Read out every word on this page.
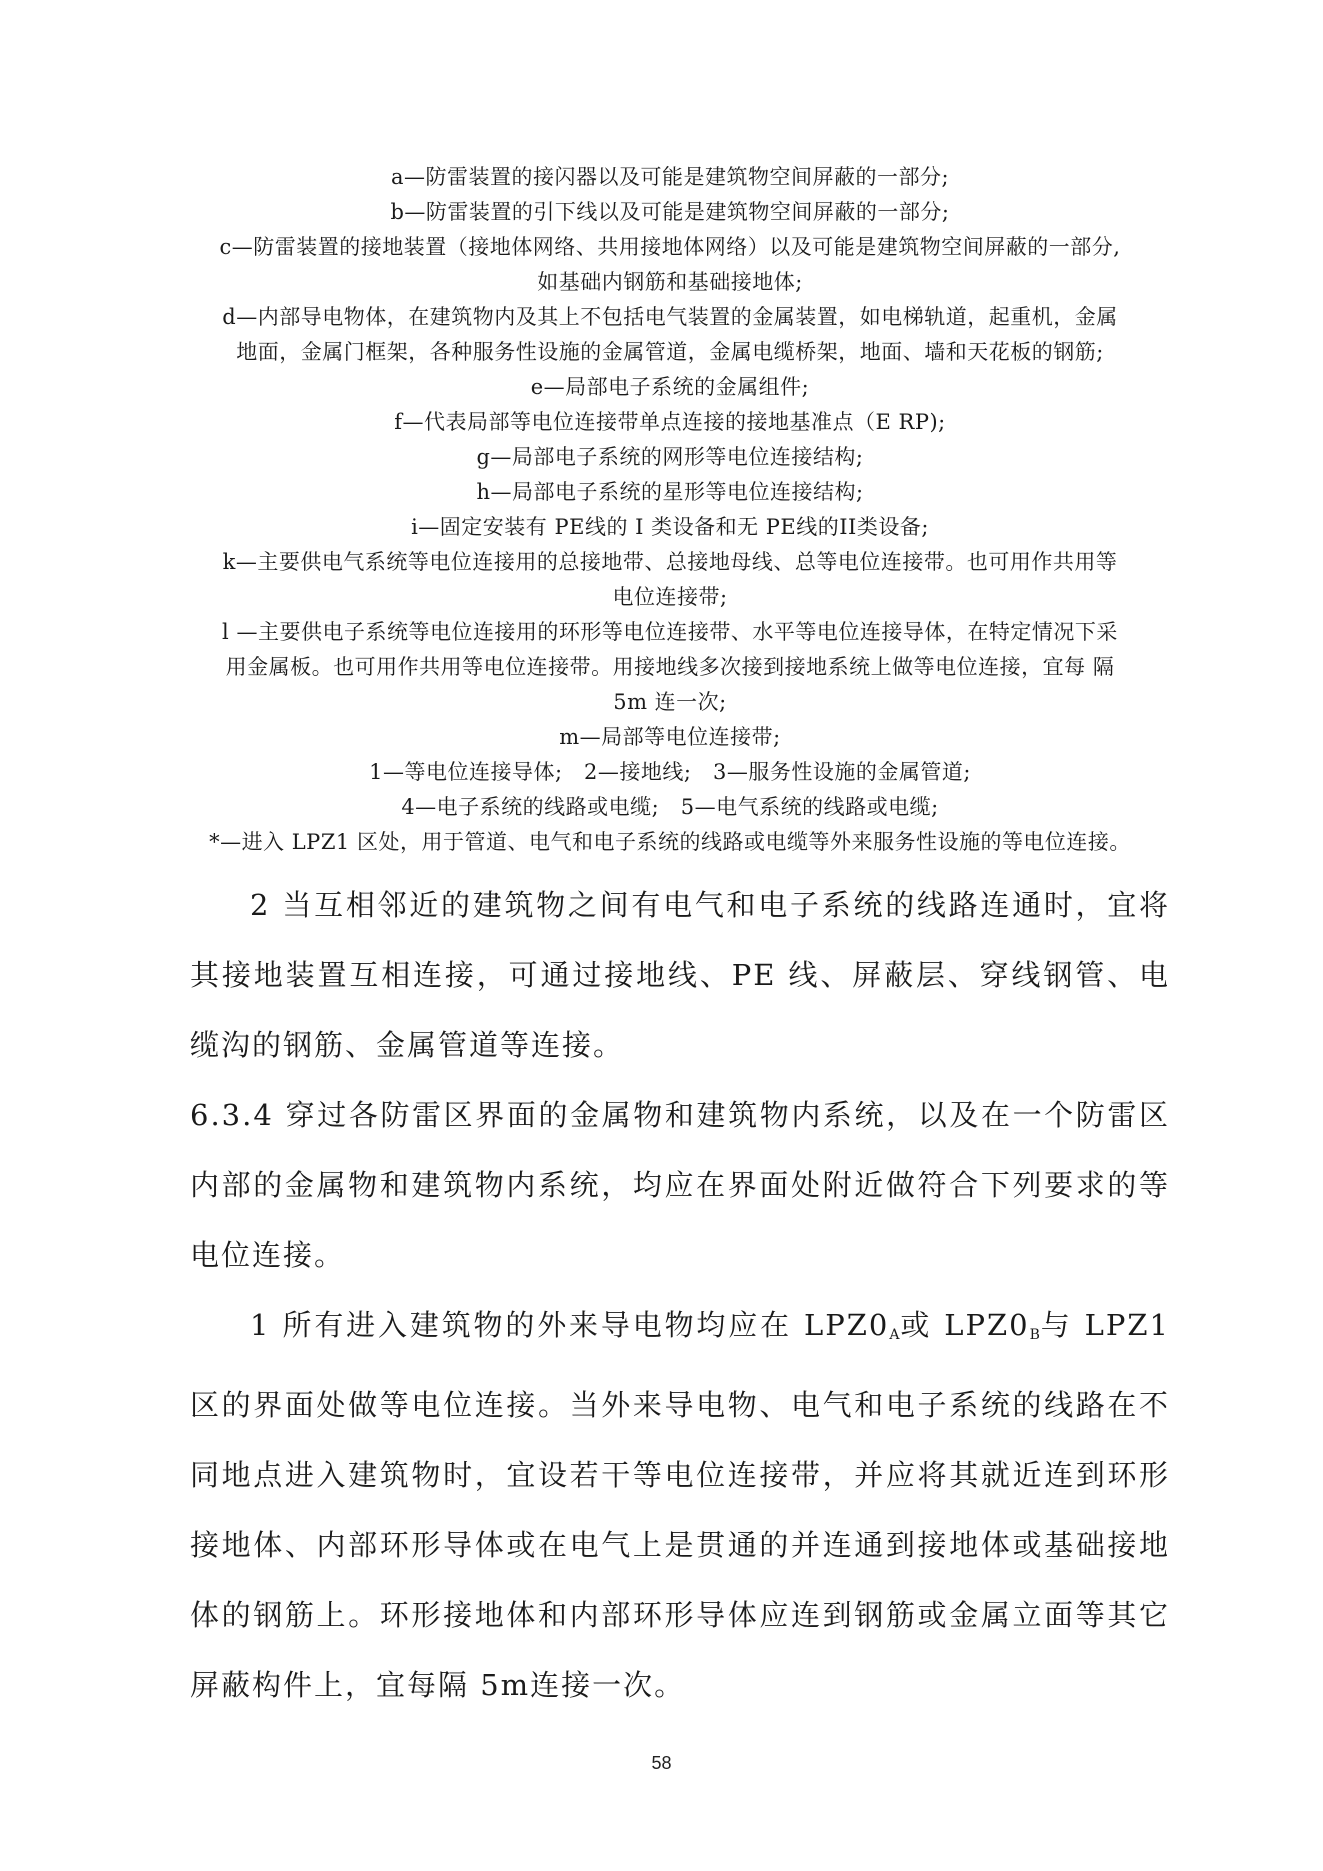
a—防雷装置的接闪器以及可能是建筑物空间屏蔽的一部分;
b—防雷装置的引下线以及可能是建筑物空间屏蔽的一部分;
c—防雷装置的接地装置（接地体网络、共用接地体网络）以及可能是建筑物空间屏蔽的一部分,
如基础内钢筋和基础接地体;
d—内部导电物体，在建筑物内及其上不包括电气装置的金属装置，如电梯轨道，起重机，金属
地面，金属门框架，各种服务性设施的金属管道，金属电缆桥架，地面、墙和天花板的钢筋;
e—局部电子系统的金属组件;
f—代表局部等电位连接带单点连接的接地基准点（E RP);
g—局部电子系统的网形等电位连接结构;
h—局部电子系统的星形等电位连接结构;
i—固定安装有 PE线的 I 类设备和无 PE线的II类设备;
k—主要供电气系统等电位连接用的总接地带、总接地母线、总等电位连接带。也可用作共用等
电位连接带;
l —主要供电子系统等电位连接用的环形等电位连接带、水平等电位连接导体，在特定情况下采
用金属板。也可用作共用等电位连接带。用接地线多次接到接地系统上做等电位连接，宜每 隔
5m 连一次;
m—局部等电位连接带;
1—等电位连接导体;　2—接地线;　3—服务性设施的金属管道;
4—电子系统的线路或电缆;　5—电气系统的线路或电缆;
*—进入 LPZ1 区处，用于管道、电气和电子系统的线路或电缆等外来服务性设施的等电位连接。

2 当互相邻近的建筑物之间有电气和电子系统的线路连通时，宜将其接地装置互相连接，可通过接地线、PE 线、屏蔽层、穿线钢管、电缆沟的钢筋、金属管道等连接。

6.3.4 穿过各防雷区界面的金属物和建筑物内系统，以及在一个防雷区内部的金属物和建筑物内系统，均应在界面处附近做符合下列要求的等电位连接。

1 所有进入建筑物的外来导电物均应在 $LPZ0_A$或 $LPZ0_B$与 LPZ1 区的界面处做等电位连接。当外来导电物、电气和电子系统的线路在不同地点进入建筑物时，宜设若干等电位连接带，并应将其就近连到环形接地体、内部环形导体或在电气上是贯通的并连通到接地体或基础接地体的钢筋上。环形接地体和内部环形导体应连到钢筋或金属立面等其它屏蔽构件上，宜每隔 5m连接一次。

58
